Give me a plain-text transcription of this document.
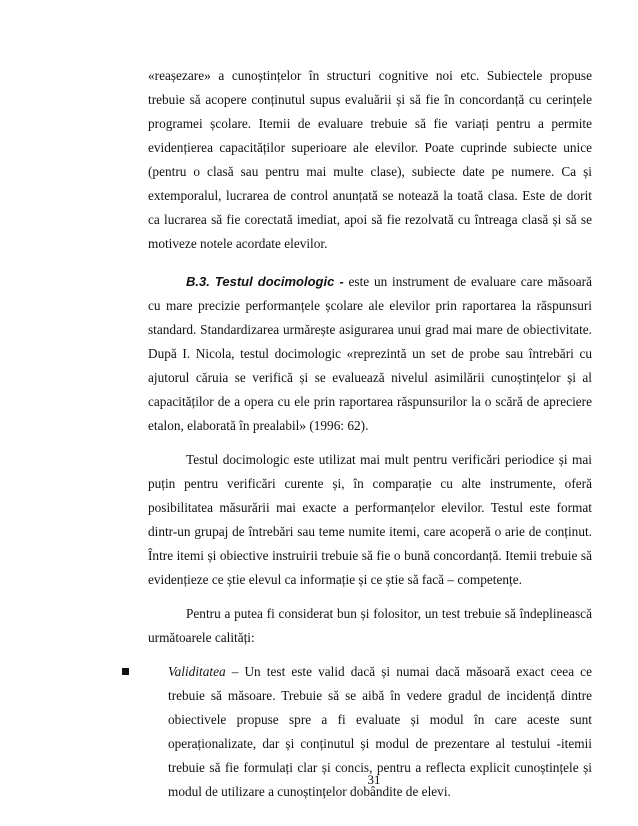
«reașezare» a cunoștințelor în structuri cognitive noi etc. Subiectele propuse trebuie să acopere conținutul supus evaluării și să fie în concordanță cu cerințele programei școlare. Itemii de evaluare trebuie să fie variați pentru a permite evidențierea capacităților superioare ale elevilor. Poate cuprinde subiecte unice (pentru o clasă sau pentru mai multe clase), subiecte date pe numere. Ca și extemporalul, lucrarea de control anunțată se notează la toată clasa. Este de dorit ca lucrarea să fie corectată imediat, apoi să fie rezolvată cu întreaga clasă și să se motiveze notele acordate elevilor.

B.3. Testul docimologic - este un instrument de evaluare care măsoară cu mare precizie performanțele școlare ale elevilor prin raportarea la răspunsuri standard. Standardizarea urmărește asigurarea unui grad mai mare de obiectivitate. După I. Nicola, testul docimologic «reprezintă un set de probe sau întrebări cu ajutorul căruia se verifică și se evaluează nivelul asimilării cunoștințelor și al capacităților de a opera cu ele prin raportarea răspunsurilor la o scără de apreciere etalon, elaborată în prealabil» (1996: 62).

Testul docimologic este utilizat mai mult pentru verificări periodice și mai puțin pentru verificări curente și, în comparație cu alte instrumente, oferă posibilitatea măsurării mai exacte a performanțelor elevilor. Testul este format dintr-un grupaj de întrebări sau teme numite itemi, care acoperă o arie de conținut. Între itemi și obiective instruirii trebuie să fie o bună concordanță. Itemii trebuie să evidențieze ce știe elevul ca informație și ce știe să facă – competențe.

Pentru a putea fi considerat bun și folositor, un test trebuie să îndeplinească următoarele calități:

Validitatea – Un test este valid dacă și numai dacă măsoară exact ceea ce trebuie să măsoare. Trebuie să se aibă în vedere gradul de incidență dintre obiectivele propuse spre a fi evaluate și modul în care aceste sunt operaționalizate, dar și conținutul și modul de prezentare al testului -itemii trebuie să fie formulați clar și concis, pentru a reflecta explicit cunoștințele și modul de utilizare a cunoștințelor dobândite de elevi.

31
